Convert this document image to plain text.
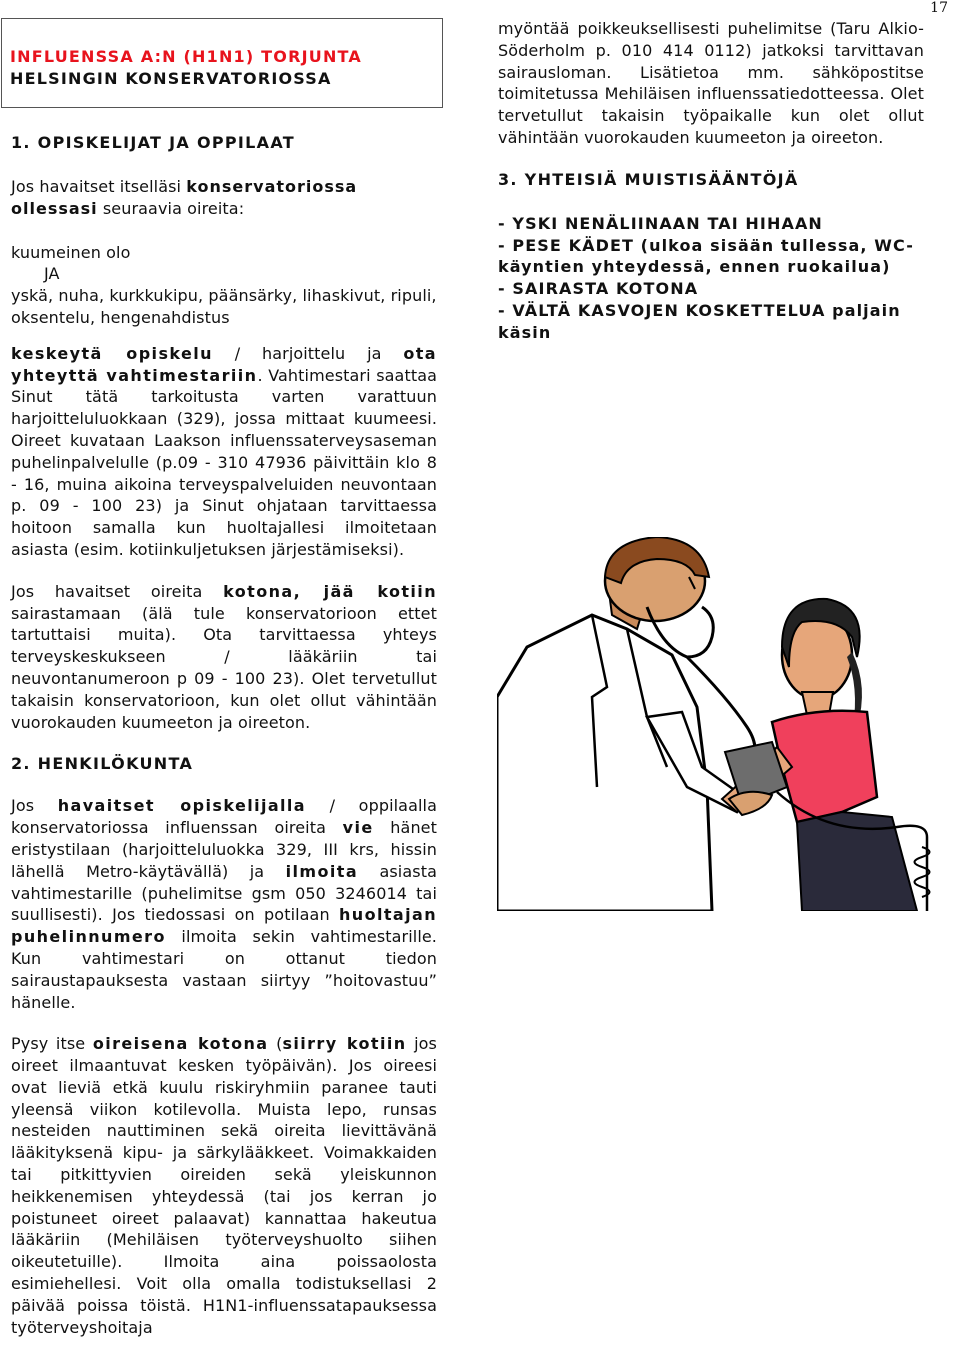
17
INFLUENSSA A:N (H1N1) TORJUNTA HELSINGIN KONSERVATORIOSSA
1. OPISKELIJAT JA OPPILAAT

Jos havaitset itselläsi konservatoriossa ollessasi seuraavia oireita:

kuumeinen olo

JA

yskä, nuha, kurkkukipu, päänsärky, lihaskivut, ripuli, oksentelu, hengenahdistus

keskeytä opiskelu / harjoittelu ja ota yhteyttä vahtimestariin. Vahtimestari saattaa Sinut tätä tarkoitusta varten varattuun harjoitteluluokkaan (329), jossa mittaat kuumeesi. Oireet kuvataan Laakson influenssaterveysaseman puhelinpalvelulle (p.09 - 310 47936 päivittäin klo 8 - 16, muina aikoina terveyspalveluiden neuvontaan p. 09 - 100 23) ja Sinut ohjataan tarvittaessa hoitoon samalla kun huoltajallesi ilmoitetaan asiasta (esim. kotiinkuljetuksen järjestämiseksi).

Jos havaitset oireita kotona, jää kotiin sairastamaan (älä tule konservatorioon ettet tartuttaisi muita). Ota tarvittaessa yhteys terveyskeskukseen / lääkäriin tai neuvontanumeroon p 09 - 100 23). Olet tervetullut takaisin konservatorioon, kun olet ollut vähintään vuorokauden kuumeeton ja oireeton.

2. HENKILÖKUNTA

Jos havaitset opiskelijalla / oppilaalla konservatoriossa influenssan oireita vie hänet eristystilaan (harjoitteluluokka 329, III krs, hissin lähellä Metro-käytävällä) ja ilmoita asiasta vahtimestarille (puhelimitse gsm 050 3246014 tai suullisesti). Jos tiedossasi on potilaan huoltajan puhelinnumero ilmoita sekin vahtimestarille. Kun vahtimestari on ottanut tiedon sairaustapauksesta vastaan siirtyy ”hoitovastuu” hänelle.

Pysy itse oireisena kotona (siirry kotiin jos oireet ilmaantuvat kesken työpäivän). Jos oireesi ovat lieviä etkä kuulu riskiryhmiin paranee tauti yleensä viikon kotilevolla. Muista lepo, runsas nesteiden nauttiminen sekä oireita lievittävänä lääkityksenä kipu- ja särkylääkkeet. Voimakkaiden tai pitkittyvien oireiden sekä yleiskunnon heikkenemisen yhteydessä (tai jos kerran jo poistuneet oireet palaavat) kannattaa hakeutua lääkäriin (Mehiläisen työterveyshuolto siihen oikeutetuille). Ilmoita aina poissaolosta esimiehellesi. Voit olla omalla todistuksellasi 2 päivää poissa töistä. H1N1-influenssatapauksessa työterveyshoitaja

myöntää poikkeuksellisesti puhelimitse (Taru Alkio-Söderholm p. 010 414 0112) jatkoksi tarvittavan sairausloman. Lisätietoa mm. sähköpostitse toimitetussa Mehiläisen influenssatiedotteessa. Olet tervetullut takaisin työpaikalle kun olet ollut vähintään vuorokauden kuumeeton ja oireeton.

3. YHTEISIÄ MUISTISÄÄNTÖJÄ
- YSKI NENÄLIINAAN TAI HIHAAN
- PESE KÄDET (ulkoa sisään tullessa, WC-käyntien yhteydessä, ennen ruokailua)
- SAIRASTA KOTONA
- VÄLTÄ KASVOJEN KOSKETTELUA paljain käsin
